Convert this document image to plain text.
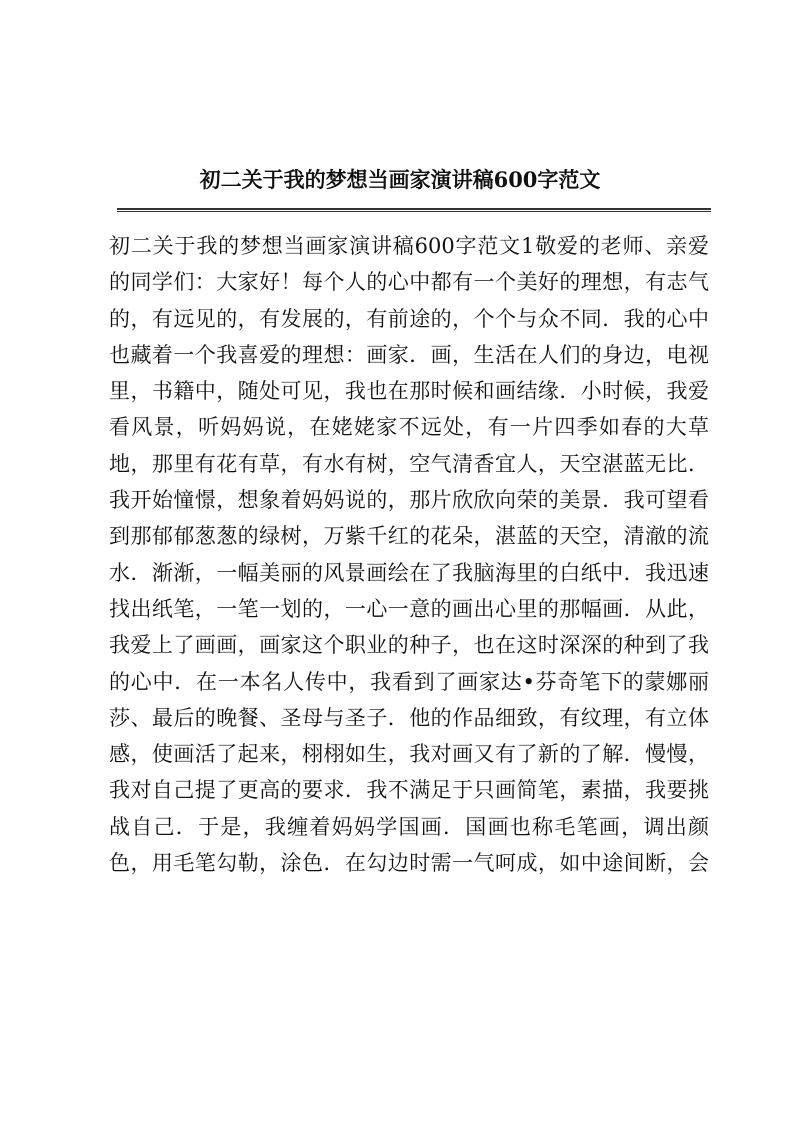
初二关于我的梦想当画家演讲稿600字范文
初二关于我的梦想当画家演讲稿600字范文1敬爱的老师、亲爱
的同学们：大家好！每个人的心中都有一个美好的理想，有志气
的，有远见的，有发展的，有前途的，个个与众不同．我的心中
也藏着一个我喜爱的理想：画家．画，生活在人们的身边，电视
里，书籍中，随处可见，我也在那时候和画结缘．小时候，我爱
看风景，听妈妈说，在姥姥家不远处，有一片四季如春的大草
地，那里有花有草，有水有树，空气清香宜人，天空湛蓝无比．
我开始憧憬，想象着妈妈说的，那片欣欣向荣的美景．我可望看
到那郁郁葱葱的绿树，万紫千红的花朵，湛蓝的天空，清澈的流
水．渐渐，一幅美丽的风景画绘在了我脑海里的白纸中．我迅速
找出纸笔，一笔一划的，一心一意的画出心里的那幅画．从此，
我爱上了画画，画家这个职业的种子，也在这时深深的种到了我
的心中．在一本名人传中，我看到了画家达•芬奇笔下的蒙娜丽
莎、最后的晚餐、圣母与圣子．他的作品细致，有纹理，有立体
感，使画活了起来，栩栩如生，我对画又有了新的了解．慢慢，
我对自己提了更高的要求．我不满足于只画简笔，素描，我要挑
战自己．于是，我缠着妈妈学国画．国画也称毛笔画，调出颜
色，用毛笔勾勒，涂色．在勾边时需一气呵成，如中途间断，会
